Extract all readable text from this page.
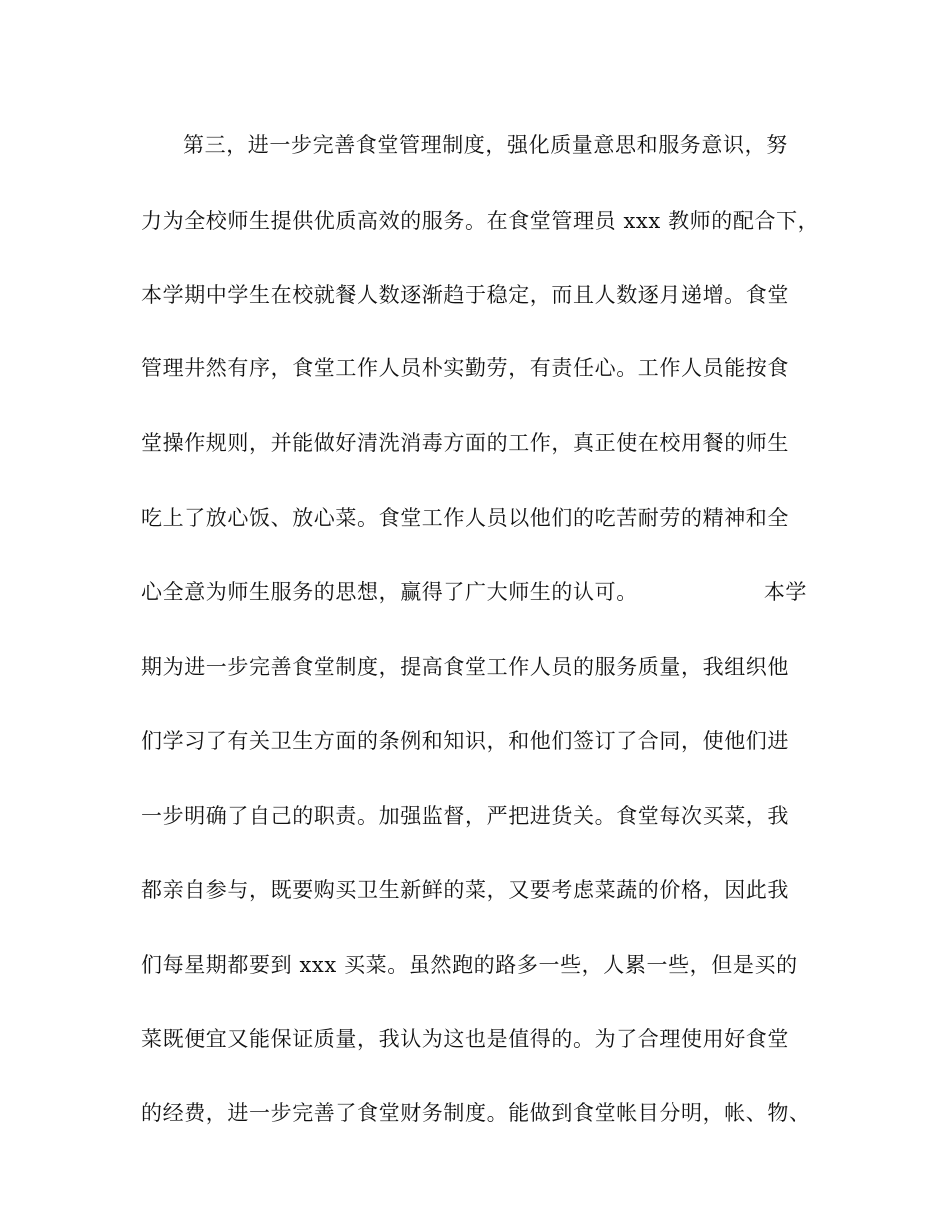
第三，进一步完善食堂管理制度，强化质量意思和服务意识，努
力为全校师生提供优质高效的服务。在食堂管理员 xxx 教师的配合下，
本学期中学生在校就餐人数逐渐趋于稳定，而且人数逐月递增。食堂
管理井然有序，食堂工作人员朴实勤劳，有责任心。工作人员能按食
堂操作规则，并能做好清洗消毒方面的工作，真正使在校用餐的师生
吃上了放心饭、放心菜。食堂工作人员以他们的吃苦耐劳的精神和全
心全意为师生服务的思想，赢得了广大师生的认可。	本学
期为进一步完善食堂制度，提高食堂工作人员的服务质量，我组织他
们学习了有关卫生方面的条例和知识，和他们签订了合同，使他们进
一步明确了自己的职责。加强监督，严把进货关。食堂每次买菜，我
都亲自参与，既要购买卫生新鲜的菜，又要考虑菜蔬的价格，因此我
们每星期都要到 xxx 买菜。虽然跑的路多一些，人累一些，但是买的
菜既便宜又能保证质量，我认为这也是值得的。为了合理使用好食堂
的经费，进一步完善了食堂财务制度。能做到食堂帐目分明，帐、物、
